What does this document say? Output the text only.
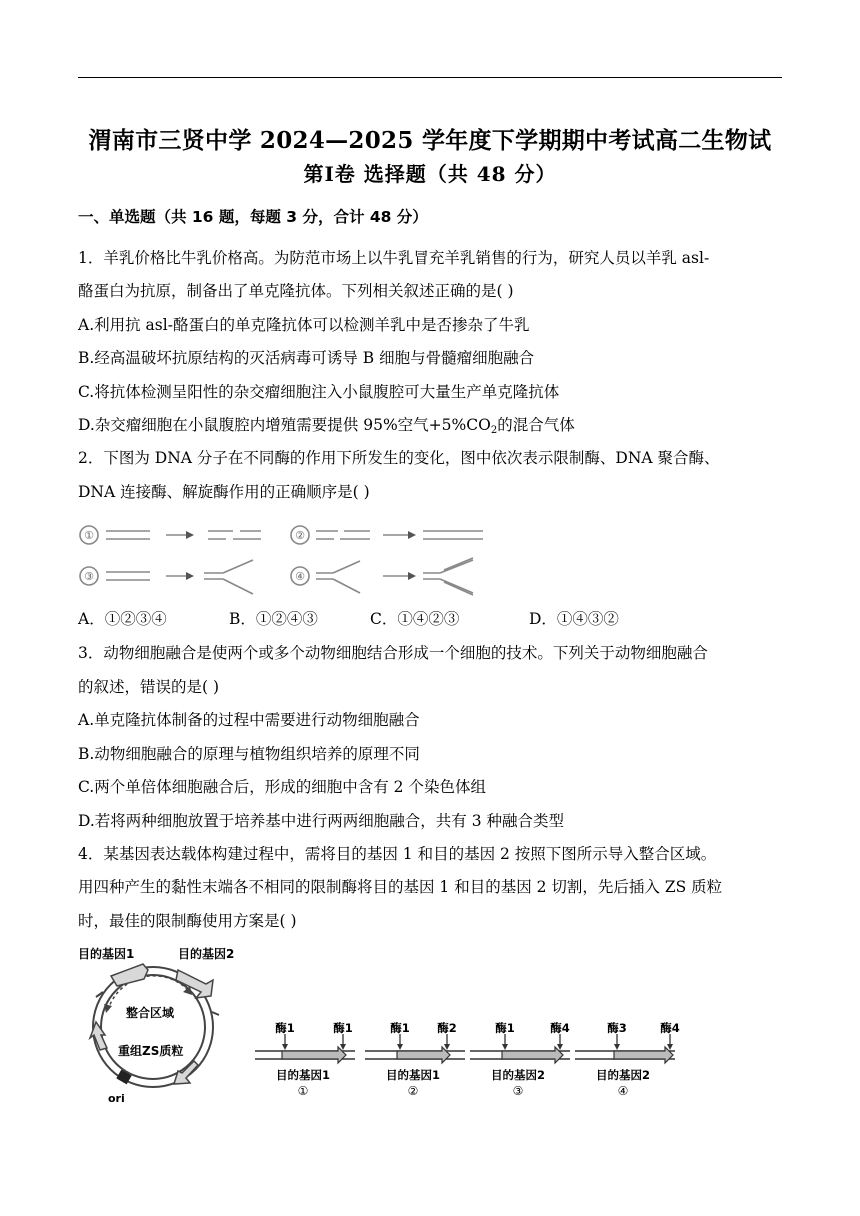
渭南市三贤中学 2024—2025 学年度下学期期中考试高二生物试
第Ⅰ卷 选择题（共 48 分）
一、单选题（共 16 题，每题 3 分，合计 48 分）
1．羊乳价格比牛乳价格高。为防范市场上以牛乳冒充羊乳销售的行为，研究人员以羊乳 asl-
酪蛋白为抗原，制备出了单克隆抗体。下列相关叙述正确的是( )
A.利用抗 asl-酪蛋白的单克隆抗体可以检测羊乳中是否掺杂了牛乳
B.经高温破坏抗原结构的灭活病毒可诱导 B 细胞与骨髓瘤细胞融合
C.将抗体检测呈阳性的杂交瘤细胞注入小鼠腹腔可大量生产单克隆抗体
D.杂交瘤细胞在小鼠腹腔内增殖需要提供 95%空气$+5\%CO_2$的混合气体
2．下图为 DNA 分子在不同酶的作用下所发生的变化，图中依次表示限制酶、DNA 聚合酶、
DNA 连接酶、解旋酶作用的正确顺序是( )
①	②
③	④
A．①②③④	B．①②④③	C．①④②③	D．①④③②
3．动物细胞融合是使两个或多个动物细胞结合形成一个细胞的技术。下列关于动物细胞融合
的叙述，错误的是( )
A.单克隆抗体制备的过程中需要进行动物细胞融合
B.动物细胞融合的原理与植物组织培养的原理不同
C.两个单倍体细胞融合后，形成的细胞中含有 2 个染色体组
D.若将两种细胞放置于培养基中进行两两细胞融合，共有 3 种融合类型
4．某基因表达载体构建过程中，需将目的基因 1 和目的基因 2 按照下图所示导入整合区域。
用四种产生的黏性末端各不相同的限制酶将目的基因 1 和目的基因 2 切割，先后插入 ZS 质粒
时，最佳的限制酶使用方案是( )
目的基因1	目的基因2
整合区域
重组ZS质粒
ori
酶1	酶1
目的基因1
①
酶1 酶2
目的基因1
②
酶1	酶4
目的基因2
③
酶3	酶4
目的基因2
④
